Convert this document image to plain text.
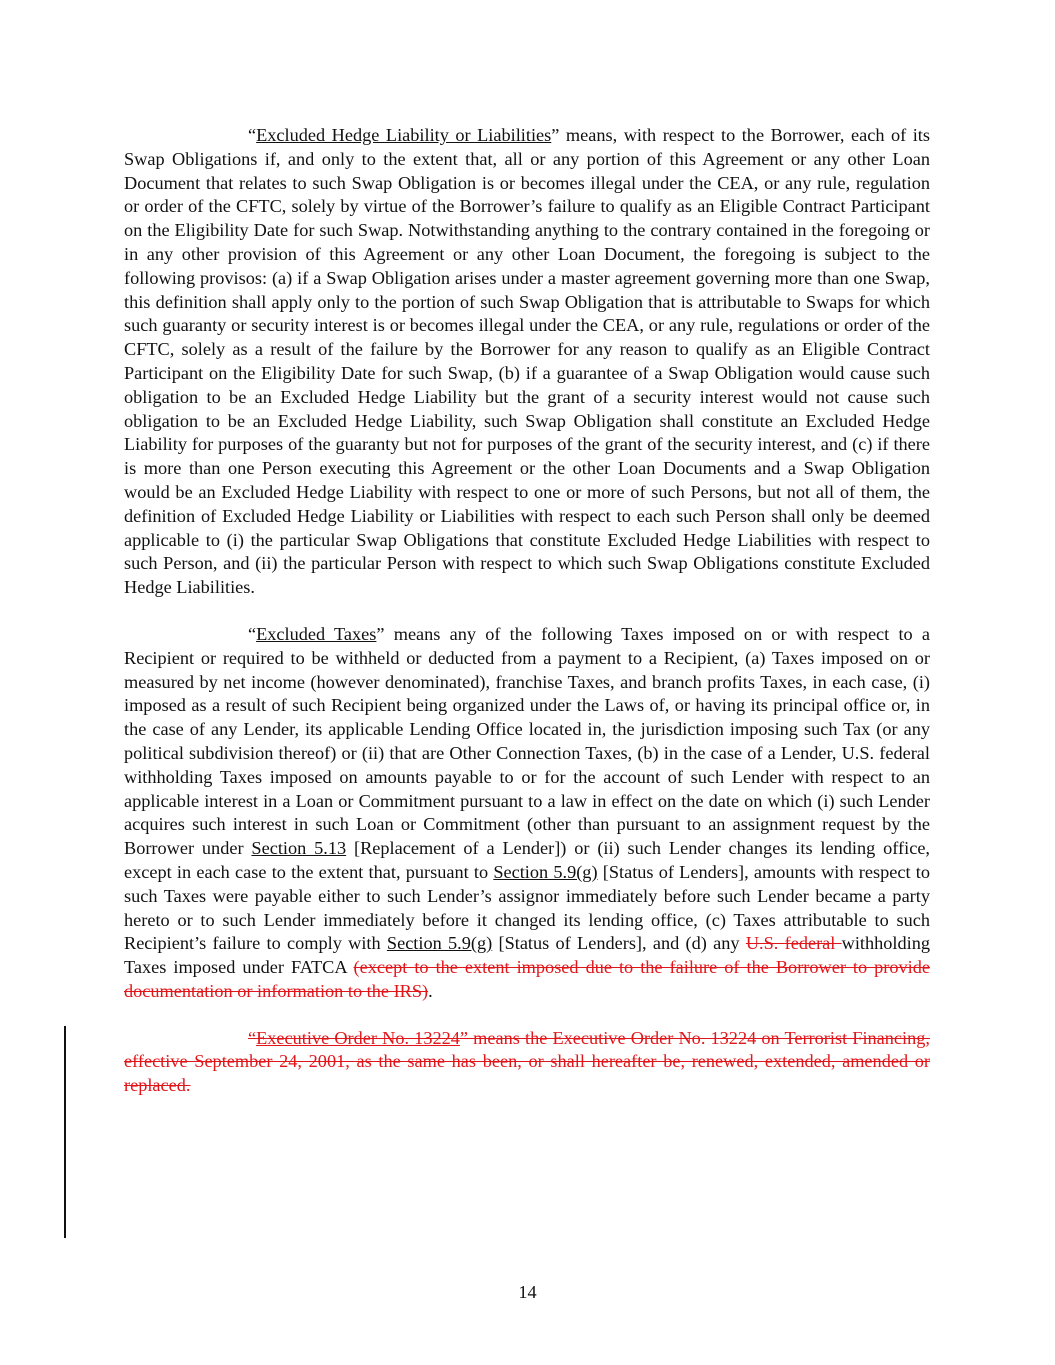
“Excluded Hedge Liability or Liabilities” means, with respect to the Borrower, each of its Swap Obligations if, and only to the extent that, all or any portion of this Agreement or any other Loan Document that relates to such Swap Obligation is or becomes illegal under the CEA, or any rule, regulation or order of the CFTC, solely by virtue of the Borrower’s failure to qualify as an Eligible Contract Participant on the Eligibility Date for such Swap. Notwithstanding anything to the contrary contained in the foregoing or in any other provision of this Agreement or any other Loan Document, the foregoing is subject to the following provisos: (a) if a Swap Obligation arises under a master agreement governing more than one Swap, this definition shall apply only to the portion of such Swap Obligation that is attributable to Swaps for which such guaranty or security interest is or becomes illegal under the CEA, or any rule, regulations or order of the CFTC, solely as a result of the failure by the Borrower for any reason to qualify as an Eligible Contract Participant on the Eligibility Date for such Swap, (b) if a guarantee of a Swap Obligation would cause such obligation to be an Excluded Hedge Liability but the grant of a security interest would not cause such obligation to be an Excluded Hedge Liability, such Swap Obligation shall constitute an Excluded Hedge Liability for purposes of the guaranty but not for purposes of the grant of the security interest, and (c) if there is more than one Person executing this Agreement or the other Loan Documents and a Swap Obligation would be an Excluded Hedge Liability with respect to one or more of such Persons, but not all of them, the definition of Excluded Hedge Liability or Liabilities with respect to each such Person shall only be deemed applicable to (i) the particular Swap Obligations that constitute Excluded Hedge Liabilities with respect to such Person, and (ii) the particular Person with respect to which such Swap Obligations constitute Excluded Hedge Liabilities.

“Excluded Taxes” means any of the following Taxes imposed on or with respect to a Recipient or required to be withheld or deducted from a payment to a Recipient, (a) Taxes imposed on or measured by net income (however denominated), franchise Taxes, and branch profits Taxes, in each case, (i) imposed as a result of such Recipient being organized under the Laws of, or having its principal office or, in the case of any Lender, its applicable Lending Office located in, the jurisdiction imposing such Tax (or any political subdivision thereof) or (ii) that are Other Connection Taxes, (b) in the case of a Lender, U.S. federal withholding Taxes imposed on amounts payable to or for the account of such Lender with respect to an applicable interest in a Loan or Commitment pursuant to a law in effect on the date on which (i) such Lender acquires such interest in such Loan or Commitment (other than pursuant to an assignment request by the Borrower under Section 5.13 [Replacement of a Lender]) or (ii) such Lender changes its lending office, except in each case to the extent that, pursuant to Section 5.9(g) [Status of Lenders], amounts with respect to such Taxes were payable either to such Lender’s assignor immediately before such Lender became a party hereto or to such Lender immediately before it changed its lending office, (c) Taxes attributable to such Recipient’s failure to comply with Section 5.9(g) [Status of Lenders], and (d) any U.S. federal withholding Taxes imposed under FATCA (except to the extent imposed due to the failure of the Borrower to provide documentation or information to the IRS).

“Executive Order No. 13224” means the Executive Order No. 13224 on Terrorist Financing, effective September 24, 2001, as the same has been, or shall hereafter be, renewed, extended, amended or replaced.

14
